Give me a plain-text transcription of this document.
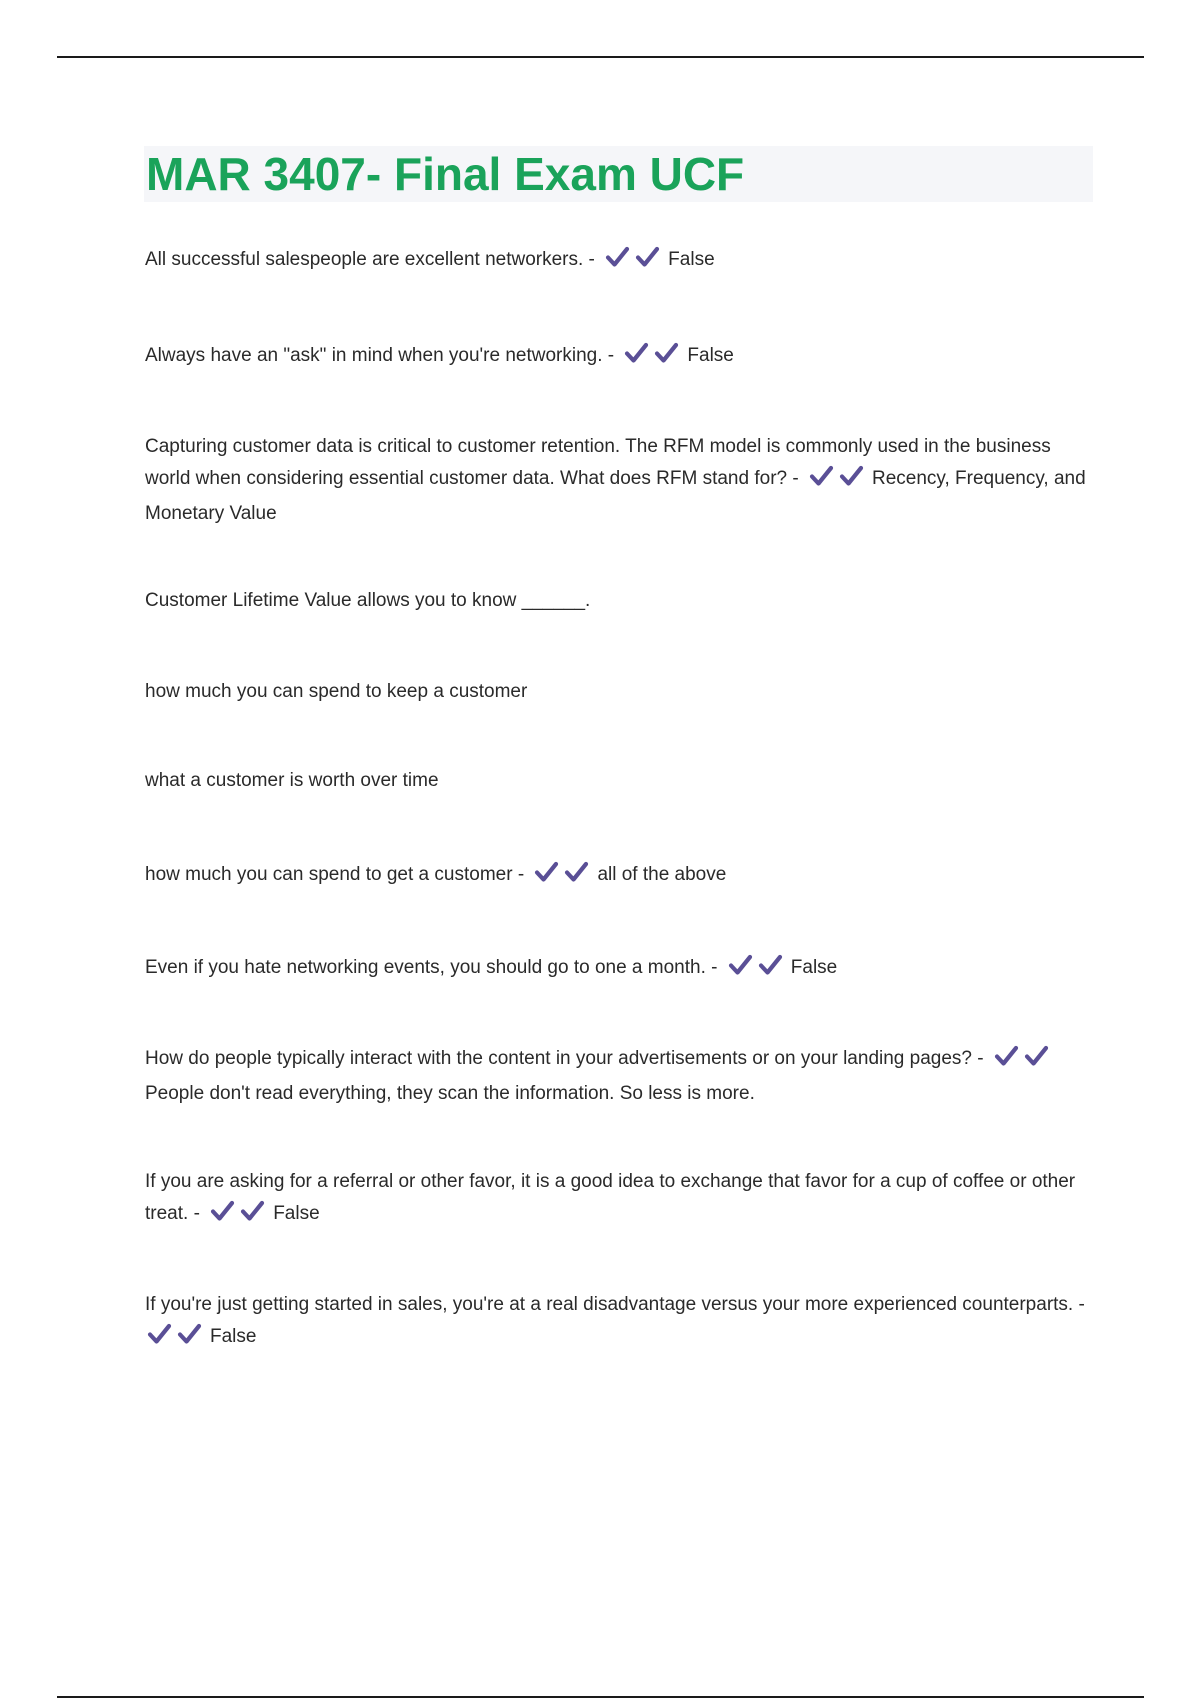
MAR 3407- Final Exam UCF

All successful salespeople are excellent networkers. -	False

Always have an "ask" in mind when you're networking. -	False

Capturing customer data is critical to customer retention. The RFM model is commonly used in the business world when considering essential customer data. What does RFM stand for? -	Recency, Frequency, and Monetary Value

Customer Lifetime Value allows you to know ______.

how much you can spend to keep a customer

what a customer is worth over time

how much you can spend to get a customer -	all of the above

Even if you hate networking events, you should go to one a month. -	False

How do people typically interact with the content in your advertisements or on your landing pages? -
People don't read everything, they scan the information. So less is more.

If you are asking for a referral or other favor, it is a good idea to exchange that favor for a cup of coffee or other treat. -	False

If you're just getting started in sales, you're at a real disadvantage versus your more experienced counterparts. -
False
